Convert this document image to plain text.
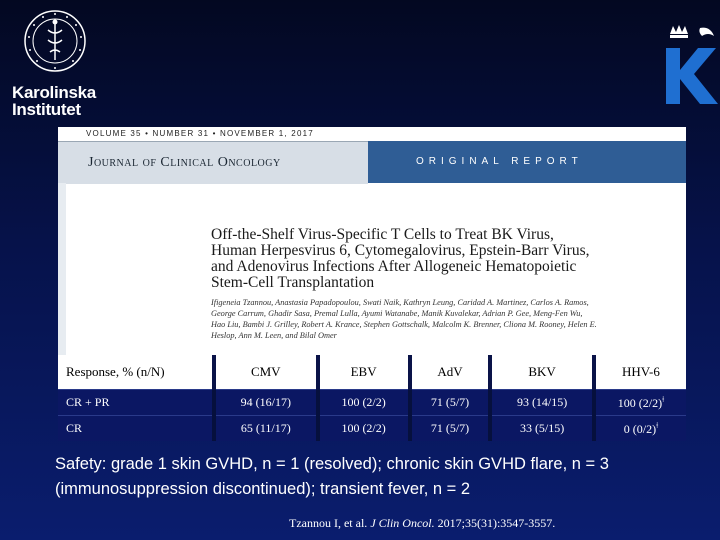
Karolinska
Institutet
VOLUME 35 • NUMBER 31 • NOVEMBER 1, 2017
Journal of Clinical Oncology	ORIGINAL REPORT
Off-the-Shelf Virus-Specific T Cells to Treat BK Virus,
Human Herpesvirus 6, Cytomegalovirus, Epstein-Barr Virus,
and Adenovirus Infections After Allogeneic Hematopoietic
Stem-Cell Transplantation
Ifigeneia Tzannou, Anastasia Papadopoulou, Swati Naik, Kathryn Leung, Caridad A. Martinez, Carlos A. Ramos,
George Carrum, Ghadir Sasa, Premal Lulla, Ayumi Watanabe, Manik Kuvalekar, Adrian P. Gee, Meng-Fen Wu,
Hao Liu, Bambi J. Grilley, Robert A. Krance, Stephen Gottschalk, Malcolm K. Brenner, Cliona M. Rooney, Helen E.
Heslop, Ann M. Leen, and Bilal Omer
Response, % (n/N)	CMV	EBV	AdV	BKV	HHV-6
CR + PR	94 (16/17)	100 (2/2)	71 (5/7)	93 (14/15)	100 $(2/2)^ǂ$
CR	65 (11/17)	100 (2/2)	71 (5/7)	33 (5/15)	0 $(0/2)^ǂ$
Safety: grade 1 skin GVHD, n = 1 (resolved); chronic skin GVHD flare, n = 3 (immunosuppression discontinued); transient fever, n = 2
Tzannou I, et al. J Clin Oncol. 2017;35(31):3547-3557.
